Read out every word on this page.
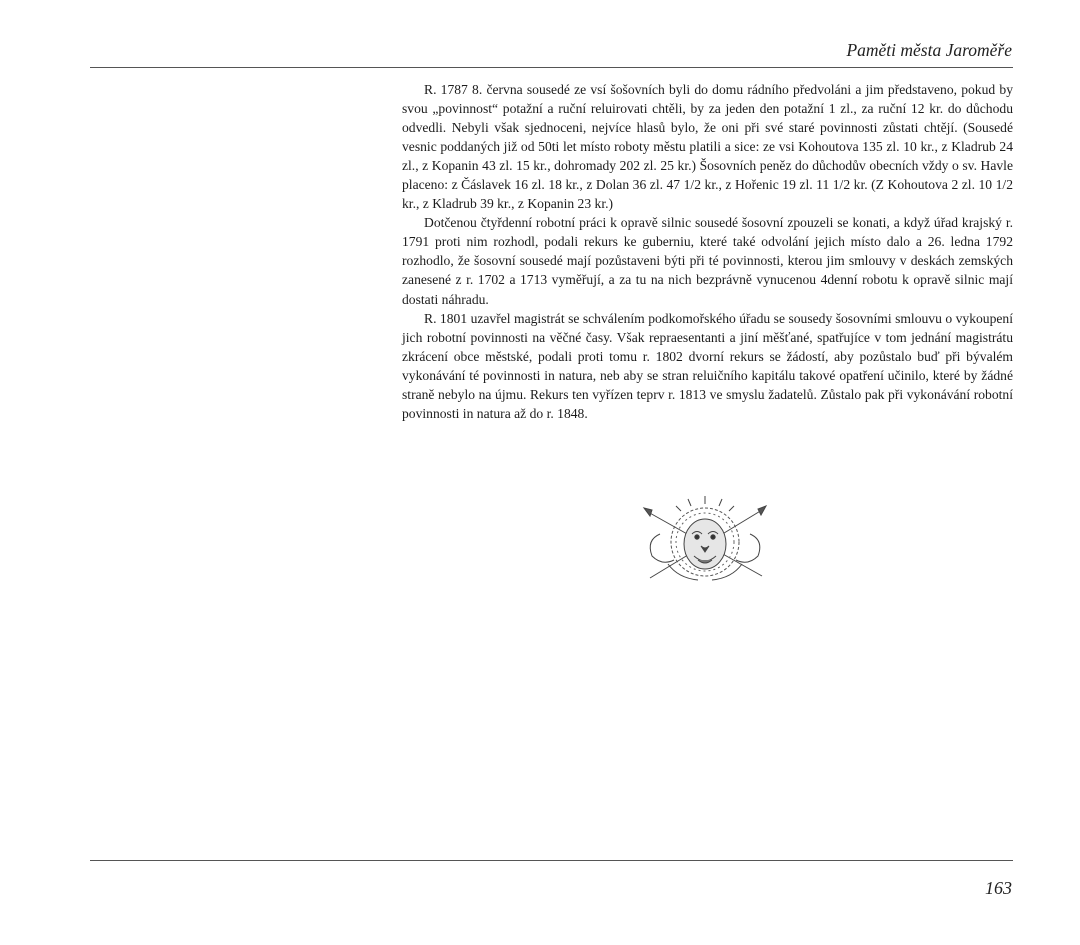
Paměti města Jaroměře

R. 1787 8. června sousedé ze vsí šošovních byli do domu rádního předvoláni a jim představeno, pokud by svou „povinnost“ potažní a ruční reluirovati chtěli, by za jeden den potažní 1 zl., za ruční 12 kr. do důchodu odvedli. Nebyli však sjednoceni, nejvíce hlasů bylo, že oni při své staré povinnosti zůstati chtějí. (Sousedé vesnic poddaných již od 50ti let místo roboty městu platili a sice: ze vsi Kohoutova 135 zl. 10 kr., z Kladrub 24 zl., z Kopanin 43 zl. 15 kr., dohromady 202 zl. 25 kr.) Šosovních peněz do důchodův obecních vždy o sv. Havle placeno: z Čáslavek 16 zl. 18 kr., z Dolan 36 zl. 47 1/2 kr., z Hořenic 19 zl. 11 1/2 kr. (Z Kohoutova 2 zl. 10 1/2 kr., z Kladrub 39 kr., z Kopanin 23 kr.)

Dotčenou čtyřdenní robotní práci k opravě silnic sousedé šosovní zpouzeli se konati, a když úřad krajský r. 1791 proti nim rozhodl, podali rekurs ke guberniu, které také odvolání jejich místo dalo a 26. ledna 1792 rozhodlo, že šosovní sousedé mají pozůstaveni býti při té povinnosti, kterou jim smlouvy v deskách zemských zanesené z r. 1702 a 1713 vyměřují, a za tu na nich bezprávně vynucenou 4denní robotu k opravě silnic mají dostati náhradu.

R. 1801 uzavřel magistrát se schválením podkomořského úřadu se sousedy šosovními smlouvu o vykoupení jich robotní povinnosti na věčné časy. Však repraesentanti a jiní měšťané, spatřujíce v tom jednání magistrátu zkrácení obce městské, podali proti tomu r. 1802 dvorní rekurs se žádostí, aby pozůstalo buď při bývalém vykonávání té povinnosti in natura, neb aby se stran reluičního kapitálu takové opatření učinilo, které by žádné straně nebylo na újmu. Rekurs ten vyřízen teprv r. 1813 ve smyslu žadatelů. Zůstalo pak při vykonávání robotní povinnosti in natura až do r. 1848.

163
